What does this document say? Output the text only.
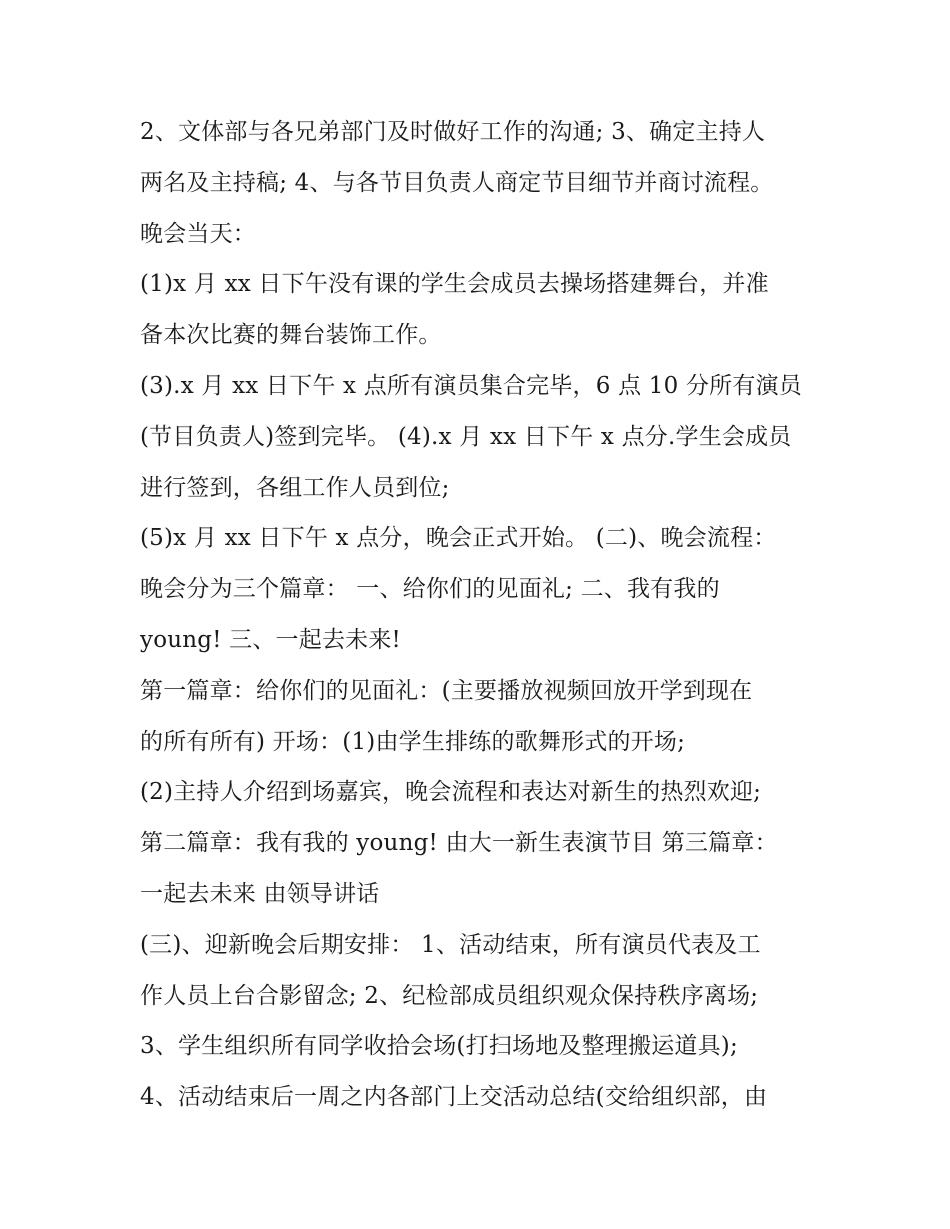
2、文体部与各兄弟部门及时做好工作的沟通; 3、确定主持人
两名及主持稿; 4、与各节目负责人商定节目细节并商讨流程。
晚会当天：
(1)x 月 xx 日下午没有课的学生会成员去操场搭建舞台，并准
备本次比赛的舞台装饰工作。
(3).x 月 xx 日下午 x 点所有演员集合完毕，6 点 10 分所有演员
(节目负责人)签到完毕。 (4).x 月 xx 日下午 x 点分.学生会成员
进行签到，各组工作人员到位;
(5)x 月 xx 日下午 x 点分，晚会正式开始。 (二)、晚会流程：
晚会分为三个篇章： 一、给你们的见面礼; 二、我有我的
young! 三、一起去未来!
第一篇章：给你们的见面礼：(主要播放视频回放开学到现在
的所有所有) 开场：(1)由学生排练的歌舞形式的开场;
(2)主持人介绍到场嘉宾，晚会流程和表达对新生的热烈欢迎;
第二篇章：我有我的 young! 由大一新生表演节目 第三篇章：
一起去未来 由领导讲话
(三)、迎新晚会后期安排： 1、活动结束，所有演员代表及工
作人员上台合影留念; 2、纪检部成员组织观众保持秩序离场;
3、学生组织所有同学收拾会场(打扫场地及整理搬运道具);
4、活动结束后一周之内各部门上交活动总结(交给组织部，由
